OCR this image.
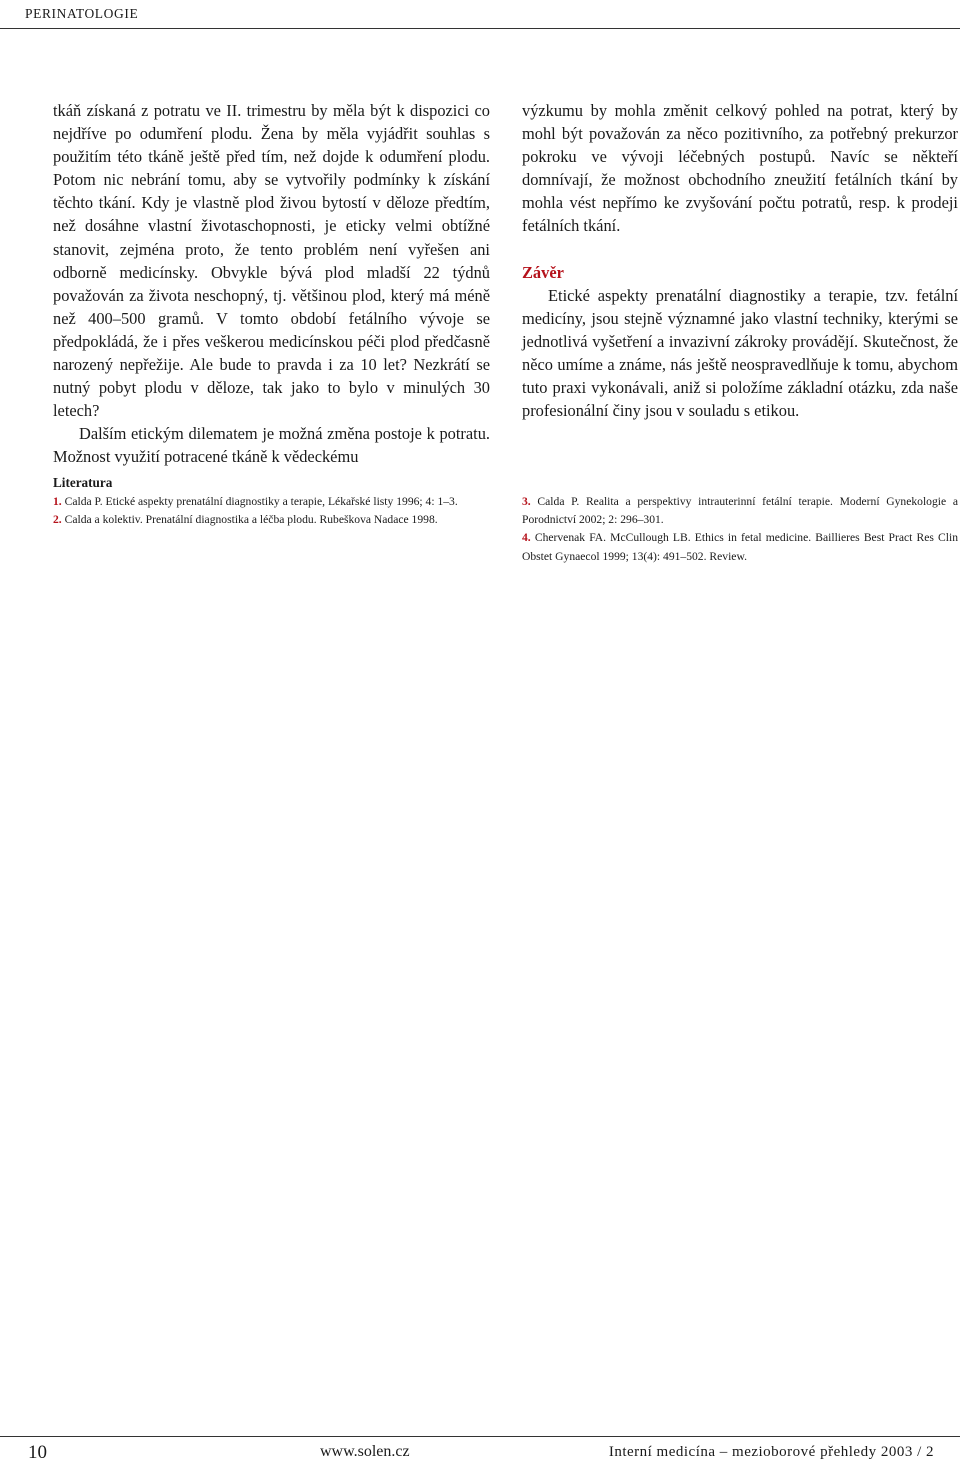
PERINATOLOGIE

tkáň získaná z potratu ve II. trimestru by měla být k dispozici co nejdříve po odumření plodu. Žena by měla vyjádřit souhlas s použitím této tkáně ještě před tím, než dojde k odumření plodu. Potom nic nebrání tomu, aby se vytvořily podmínky k získání těchto tkání. Kdy je vlastně plod živou bytostí v děloze předtím, než dosáhne vlastní životaschopnosti, je eticky velmi obtížné stanovit, zejména proto, že tento problém není vyřešen ani odborně medicínsky. Obvykle bývá plod mladší 22 týdnů považován za života neschopný, tj. většinou plod, který má méně než 400–500 gramů. V tomto období fetálního vývoje se předpokládá, že i přes veškerou medicínskou péči plod předčasně narozený nepřežije. Ale bude to pravda i za 10 let? Nezkrátí se nutný pobyt plodu v děloze, tak jako to bylo v minulých 30 letech?

Dalším etickým dilematem je možná změna postoje k potratu. Možnost využití potracené tkáně k vědeckému

výzkumu by mohla změnit celkový pohled na potrat, který by mohl být považován za něco pozitivního, za potřebný prekurzor pokroku ve vývoji léčebných postupů. Navíc se někteří domnívají, že možnost obchodního zneužití fetálních tkání by mohla vést nepřímo ke zvyšování počtu potratů, resp. k prodeji fetálních tkání.

Závěr

Etické aspekty prenatální diagnostiky a terapie, tzv. fetální medicíny, jsou stejně významné jako vlastní techniky, kterými se jednotlivá vyšetření a invazivní zákroky provádějí. Skutečnost, že něco umíme a známe, nás ještě neospravedlňuje k tomu, abychom tuto praxi vykonávali, aniž si položíme základní otázku, zda naše profesionální činy jsou v souladu s etikou.

Literatura

1. Calda P. Etické aspekty prenatální diagnostiky a terapie, Lékařské listy 1996; 4: 1–3.

2. Calda a kolektiv. Prenatální diagnostika a léčba plodu. Rubeškova Nadace 1998.

3. Calda P. Realita a perspektivy intrauterinní fetální terapie. Moderní Gynekologie a Porodnictví 2002; 2: 296–301.

4. Chervenak FA. McCullough LB. Ethics in fetal medicine. Baillieres Best Pract Res Clin Obstet Gynaecol 1999; 13(4): 491–502. Review.

10	www.solen.cz	Interní medicína – mezioborové přehledy 2003 / 2
